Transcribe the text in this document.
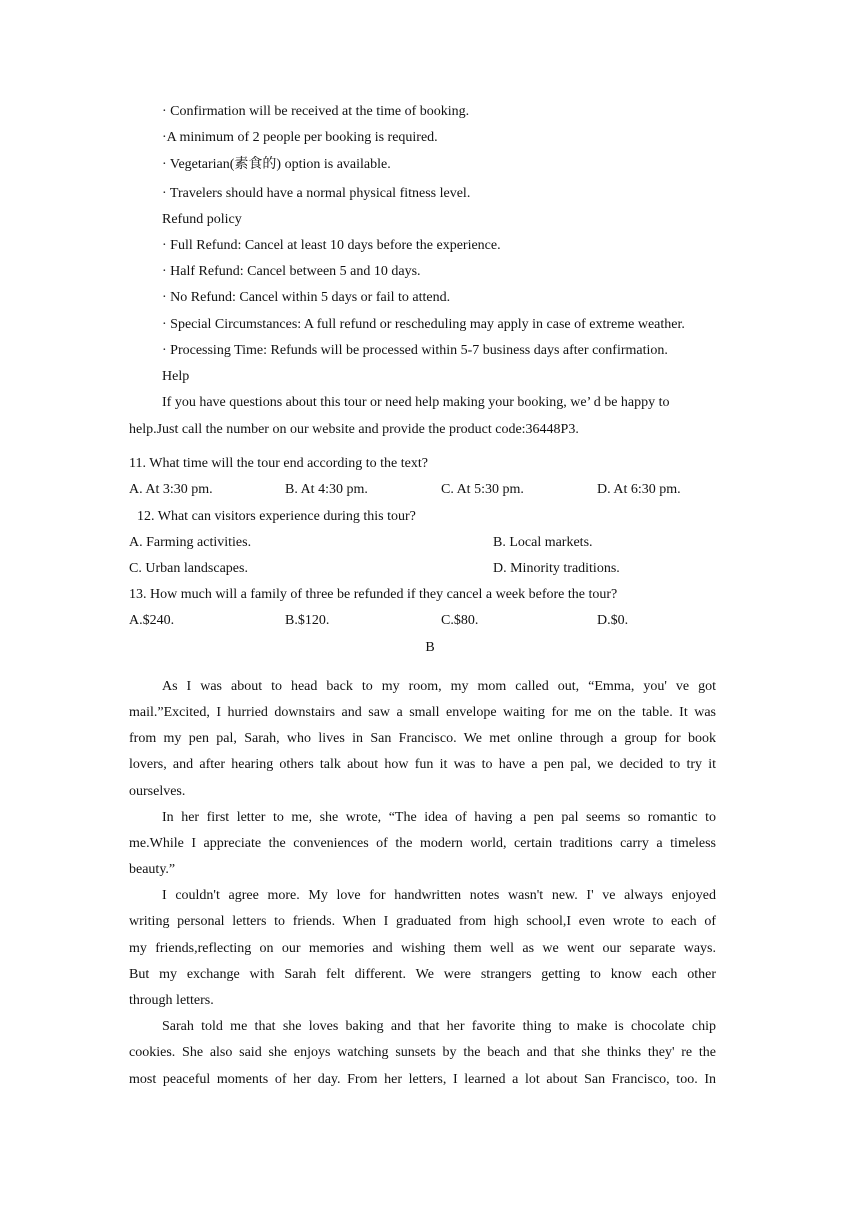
· Confirmation will be received at the time of booking.
·A minimum of 2 people per booking is required.
· Vegetarian(素食的) option is available.
· Travelers should have a normal physical fitness level.
Refund policy
· Full Refund: Cancel at least 10 days before the experience.
· Half Refund: Cancel between 5 and 10 days.
· No Refund: Cancel within 5 days or fail to attend.
· Special Circumstances: A full refund or rescheduling may apply in case of extreme weather.
· Processing Time: Refunds will be processed within 5-7 business days after confirmation.
Help
If you have questions about this tour or need help making your booking, we’ d be happy to
help.Just call the number on our website and provide the product code:36448P3.
11. What time will the tour end according to the text?
A. At 3:30 pm.	B. At 4:30 pm.	C. At 5:30 pm.	D. At 6:30 pm.
12. What can visitors experience during this tour?
A. Farming activities.	B. Local markets.
C. Urban landscapes.	D. Minority traditions.
13. How much will a family of three be refunded if they cancel a week before the tour?
A.$240.	B.$120.	C.$80.	D.$0.
B
As I was about to head back to my room, my mom called out, “Emma, you' ve got
mail.”Excited, I hurried downstairs and saw a small envelope waiting for me on the table. It was
from my pen pal, Sarah, who lives in San Francisco. We met online through a group for book
lovers, and after hearing others talk about how fun it was to have a pen pal, we decided to try it
ourselves.
In her first letter to me, she wrote, “The idea of having a pen pal seems so romantic to
me.While I appreciate the conveniences of the modern world, certain traditions carry a timeless
beauty.”
I couldn't agree more. My love for handwritten notes wasn't new. I' ve always enjoyed
writing personal letters to friends. When I graduated from high school,I even wrote to each of
my friends,reflecting on our memories and wishing them well as we went our separate ways.
But my exchange with Sarah felt different. We were strangers getting to know each other
through letters.
Sarah told me that she loves baking and that her favorite thing to make is chocolate chip
cookies. She also said she enjoys watching sunsets by the beach and that she thinks they' re the
most peaceful moments of her day. From her letters, I learned a lot about San Francisco, too. In
